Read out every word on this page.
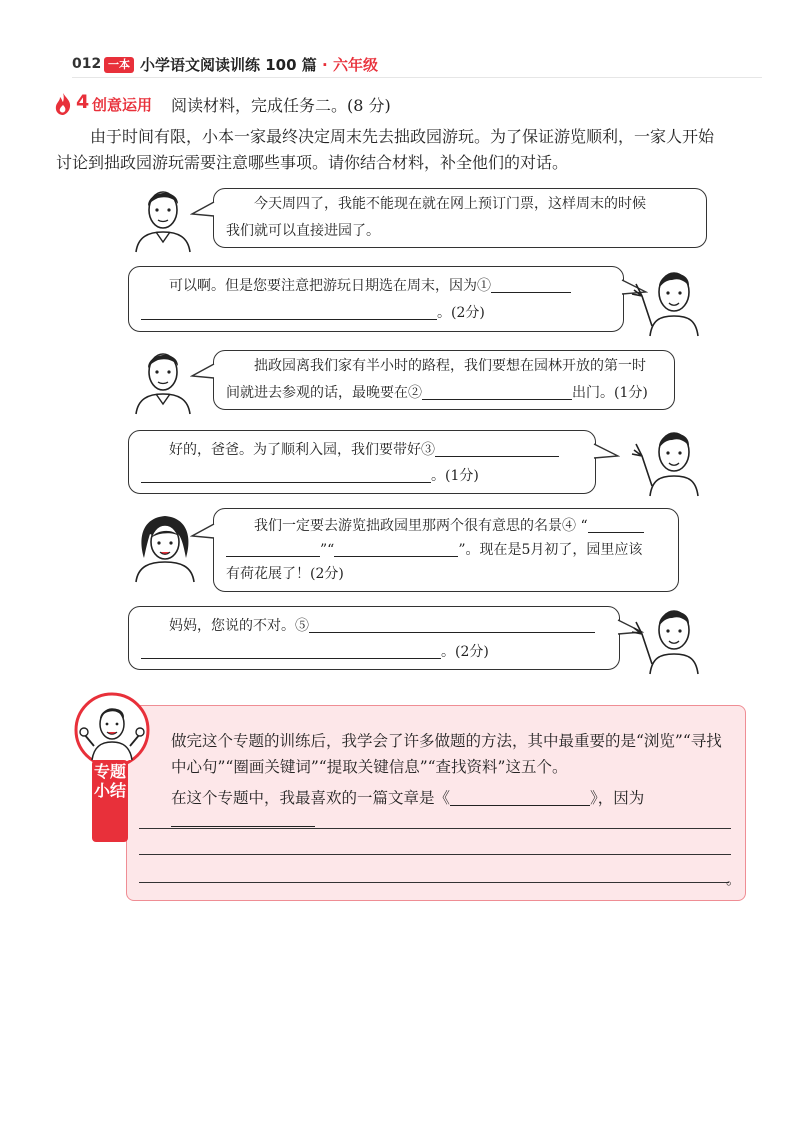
012 一本 小学语文阅读训练 100 篇 · 六年级
4 创意运用 阅读材料，完成任务二。(8 分)

由于时间有限，小本一家最终决定周末先去拙政园游玩。为了保证游览顺利，一家人开始

讨论到拙政园游玩需要注意哪些事项。请你结合材料，补全他们的对话。

今天周四了，我能不能现在就在网上预订门票，这样周末的时候
我们就可以直接进园了。
可以啊。但是您要注意把游玩日期选在周末，因为①
。(2分)
拙政园离我们家有半小时的路程，我们要想在园林开放的第一时
间就进去参观的话，最晚要在②	出门。(1分)
好的，爸爸。为了顺利入园，我们要带好③
。(1分)
我们一定要去游览拙政园里那两个很有意思的名景④ “
”“	”。现在是5月初了，园里应该
有荷花展了！(2分)
妈妈，您说的不对。⑤
。(2分)
做完这个专题的训练后，我学会了许多做题的方法，其中最重要的是“浏览”“寻找中心句”“圈画关键词”“提取关键信息”“查找资料”这五个。
在这个专题中，我最喜欢的一篇文章是《	》，因为
。
专题小结
